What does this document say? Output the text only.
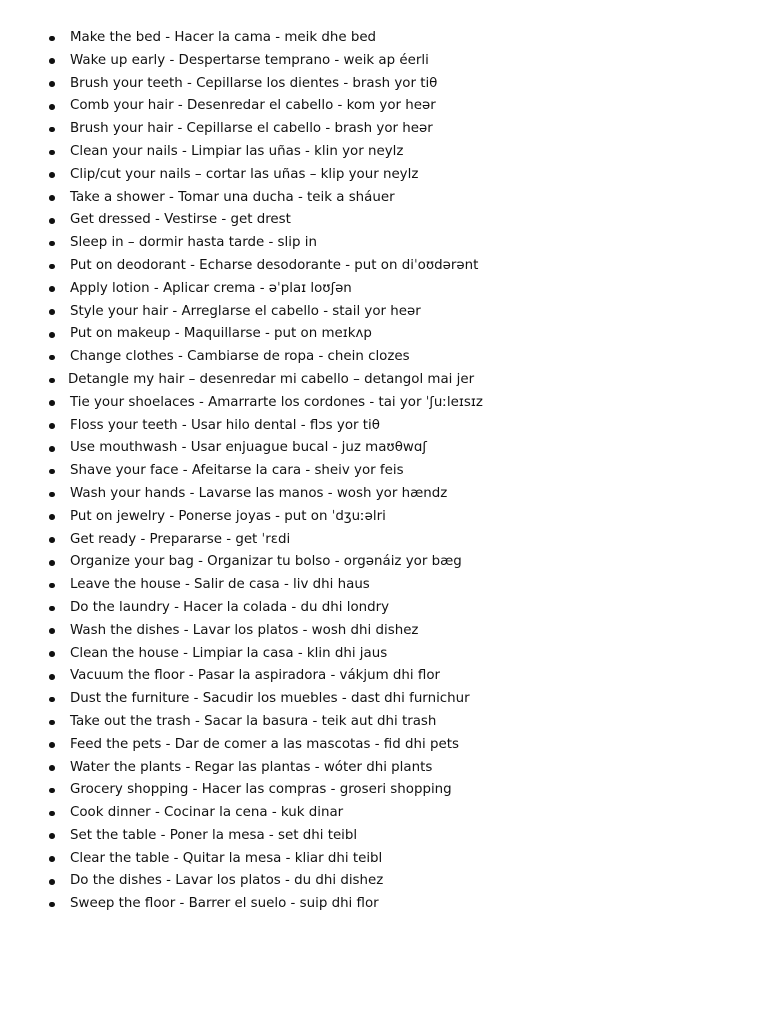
Make the bed - Hacer la cama - meik dhe bed
Wake up early - Despertarse temprano - weik ap éerli
Brush your teeth - Cepillarse los dientes - brash yor tiθ
Comb your hair - Desenredar el cabello - kom yor heər
Brush your hair - Cepillarse el cabello - brash yor heər
Clean your nails - Limpiar las uñas - klin yor neylz
Clip/cut your nails – cortar las uñas – klip your neylz
Take a shower - Tomar una ducha - teik a sháuer
Get dressed - Vestirse - get drest
Sleep in – dormir hasta tarde - slip in
Put on deodorant - Echarse desodorante - put on diˈoʊdərənt
Apply lotion - Aplicar crema - əˈplaɪ loʊʃən
Style your hair - Arreglarse el cabello - stail yor heər
Put on makeup - Maquillarse - put on meɪkʌp
Change clothes - Cambiarse de ropa - chein clozes
Detangle my hair – desenredar mi cabello – detangol mai jer
Tie your shoelaces - Amarrarte los cordones - tai yor ˈʃuːleɪsɪz
Floss your teeth - Usar hilo dental - flɔs yor tiθ
Use mouthwash - Usar enjuague bucal - juz maʊθwɑʃ
Shave your face - Afeitarse la cara - sheiv yor feis
Wash your hands - Lavarse las manos - wosh yor hændz
Put on jewelry - Ponerse joyas - put on ˈdʒuːəlri
Get ready - Prepararse - get ˈrɛdi
Organize your bag - Organizar tu bolso - orgənáiz yor bæg
Leave the house - Salir de casa - liv dhi haus
Do the laundry - Hacer la colada - du dhi londry
Wash the dishes - Lavar los platos - wosh dhi dishez
Clean the house - Limpiar la casa - klin dhi jaus
Vacuum the floor - Pasar la aspiradora - vákjum dhi flor
Dust the furniture - Sacudir los muebles - dast dhi furnichur
Take out the trash - Sacar la basura - teik aut dhi trash
Feed the pets - Dar de comer a las mascotas - fid dhi pets
Water the plants - Regar las plantas - wóter dhi plants
Grocery shopping - Hacer las compras - groseri shopping
Cook dinner - Cocinar la cena - kuk dinar
Set the table - Poner la mesa - set dhi teibl
Clear the table - Quitar la mesa - kliar dhi teibl
Do the dishes - Lavar los platos - du dhi dishez
Sweep the floor - Barrer el suelo - suip dhi flor
